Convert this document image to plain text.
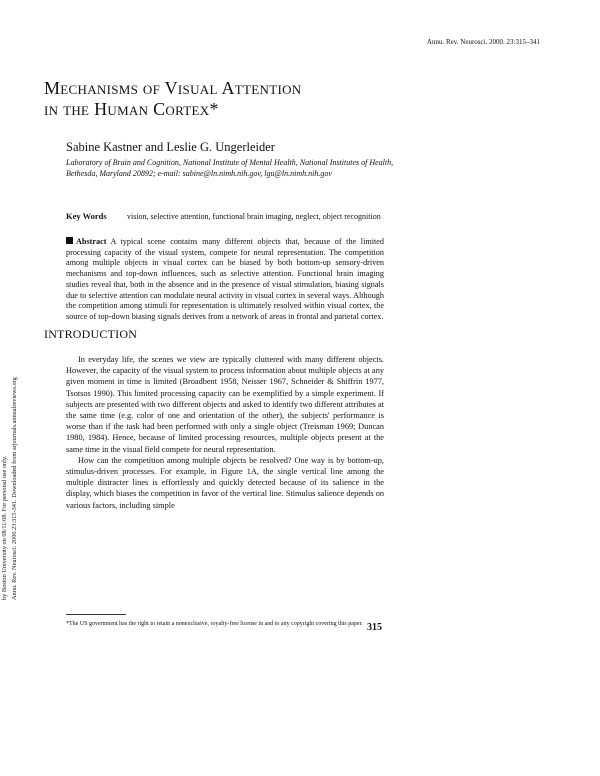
Annu. Rev. Neurosci. 2000. 23:315–341
Mechanisms of Visual Attention
in the Human Cortex*
Sabine Kastner and Leslie G. Ungerleider
Laboratory of Brain and Cognition, National Institute of Mental Health, National Institutes of Health, Bethesda, Maryland 20892; e-mail: sabine@ln.nimh.nih.gov, lgu@ln.nimh.nih.gov
Key Words	vision, selective attention, functional brain imaging, neglect, object recognition
Abstract A typical scene contains many different objects that, because of the limited processing capacity of the visual system, compete for neural representation. The competition among multiple objects in visual cortex can be biased by both bottom-up sensory-driven mechanisms and top-down influences, such as selective attention. Functional brain imaging studies reveal that, both in the absence and in the presence of visual stimulation, biasing signals due to selective attention can modulate neural activity in visual cortex in several ways. Although the competition among stimuli for representation is ultimately resolved within visual cortex, the source of top-down biasing signals derives from a network of areas in frontal and parietal cortex.
INTRODUCTION

In everyday life, the scenes we view are typically cluttered with many different objects. However, the capacity of the visual system to process information about multiple objects at any given moment in time is limited (Broadbent 1958, Neisser 1967, Schneider & Shiffrin 1977, Tsotsos 1990). This limited processing capacity can be exemplified by a simple experiment. If subjects are presented with two different objects and asked to identify two different attributes at the same time (e.g. color of one and orientation of the other), the subjects' performance is worse than if the task had been performed with only a single object (Treisman 1969; Duncan 1980, 1984). Hence, because of limited processing resources, multiple objects present at the same time in the visual field compete for neural representation.

How can the competition among multiple objects be resolved? One way is by bottom-up, stimulus-driven processes. For example, in Figure 1A, the single vertical line among the multiple distracter lines is effortlessly and quickly detected because of its salience in the display, which biases the competition in favor of the vertical line. Stimulus salience depends on various factors, including simple

*The US government has the right to retain a nonexclusive, royalty-free license in and to any copyright covering this paper. 315
Annu. Rev. Neurosci. 2000.23:315-341. Downloaded from arjournals.annualreviews.org
by Boston University on 08/11/08. For personal use only.
